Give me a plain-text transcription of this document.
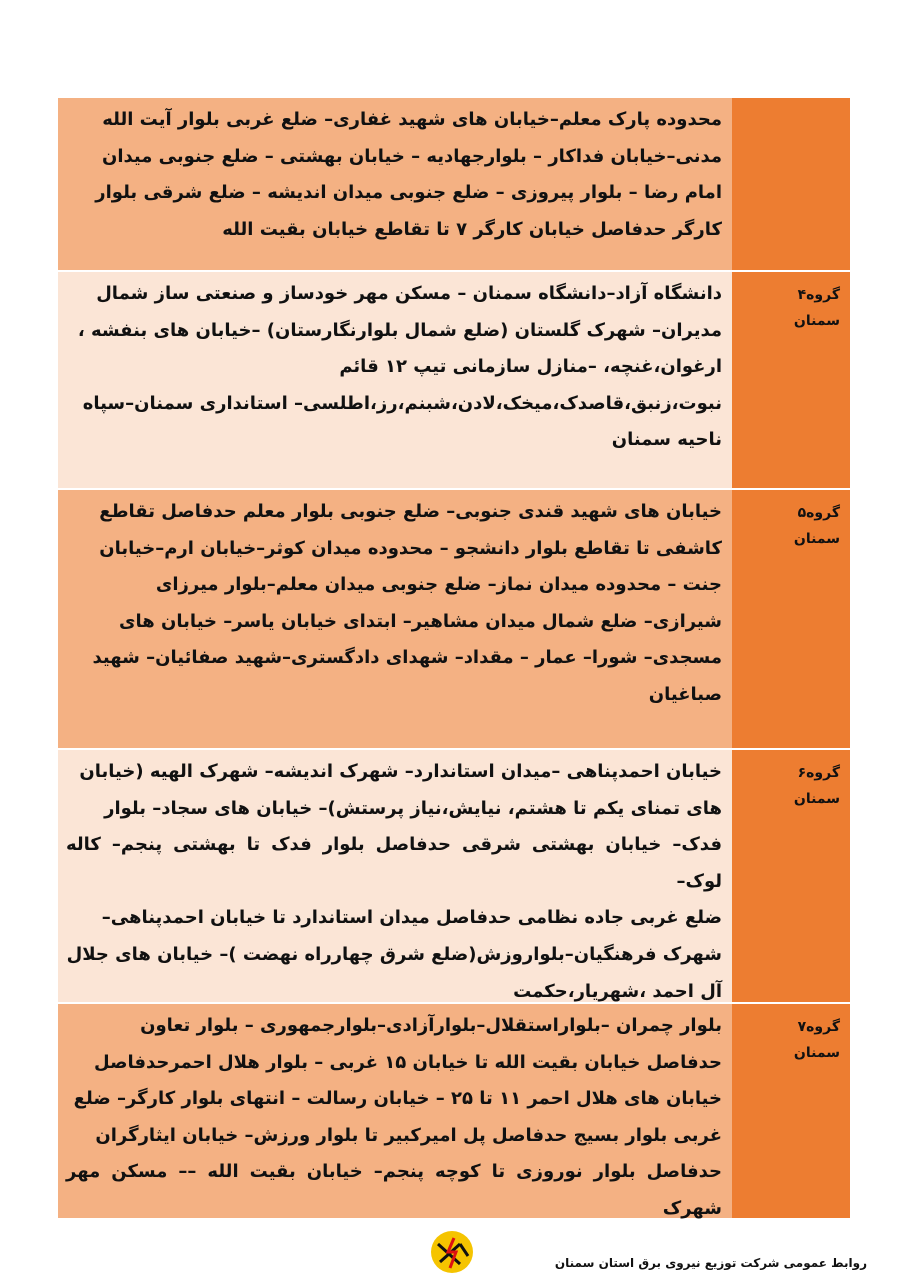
محدوده پارک معلم–خیابان های شهید غفاری– ضلع غربی بلوار آیت الله
مدنی–خیابان فداکار – بلوارجهادیه – خیابان بهشتی – ضلع جنوبی میدان
امام رضا – بلوار پیروزی – ضلع جنوبی میدان اندیشه – ضلع شرقی بلوار
کارگر حدفاصل خیابان کارگر ۷ تا تقاطع خیابان بقیت الله
گروه۴
سمنان
دانشگاه آزاد–دانشگاه سمنان – مسکن مهر خودساز و صنعتی ساز شمال
مدیران– شهرک گلستان (ضلع شمال بلوارنگارستان) –خیابان های بنفشه ،
ارغوان،غنچه، –منازل سازمانی تیپ ۱۲ قائم
نبوت،زنبق،قاصدک،میخک،لادن،شبنم،رز،اطلسی– استانداری سمنان–سپاه
ناحیه سمنان
گروه۵
سمنان
خیابان های شهید قندی جنوبی– ضلع جنوبی بلوار معلم حدفاصل تقاطع
کاشفی تا تقاطع بلوار دانشجو – محدوده میدان کوثر–خیابان ارم–خیابان
جنت – محدوده میدان نماز– ضلع جنوبی میدان معلم–بلوار میرزای
شیرازی– ضلع شمال میدان مشاهیر– ابتدای خیابان یاسر– خیابان های
مسجدی– شورا– عمار – مقداد– شهدای دادگستری–شهید صفائیان– شهید
صباغیان
گروه۶
سمنان
خیابان احمدپناهی –میدان استاندارد– شهرک اندیشه– شهرک الهیه (خیابان
های تمنای یکم تا هشتم، نیایش،نیاز پرستش)– خیابان های سجاد– بلوار
فدک– خیابان بهشتی شرقی حدفاصل بلوار فدک تا بهشتی پنجم– کاله لوک–
ضلع غربی جاده نظامی حدفاصل میدان استاندارد تا خیابان احمدپناهی–
شهرک فرهنگیان–بلواروزش(ضلع شرق چهارراه نهضت )– خیابان های جلال
آل احمد ،شهریار،حکمت
گروه۷
سمنان
بلوار چمران –بلواراستقلال–بلوارآزادی–بلوارجمهوری – بلوار تعاون
حدفاصل خیابان بقیت الله تا خیابان ۱۵ غربی – بلوار هلال احمرحدفاصل
خیابان های هلال احمر ۱۱ تا ۲۵ – خیابان رسالت – انتهای بلوار کارگر– ضلع
غربی بلوار بسیج حدفاصل پل امیرکبیر تا بلوار ورزش– خیابان ایثارگران
حدفاصل بلوار نوروزی تا کوچه پنجم– خیابان بقیت الله –– مسکن مهر شهرک
روابط عمومی شرکت توزیع نیروی برق استان سمنان
